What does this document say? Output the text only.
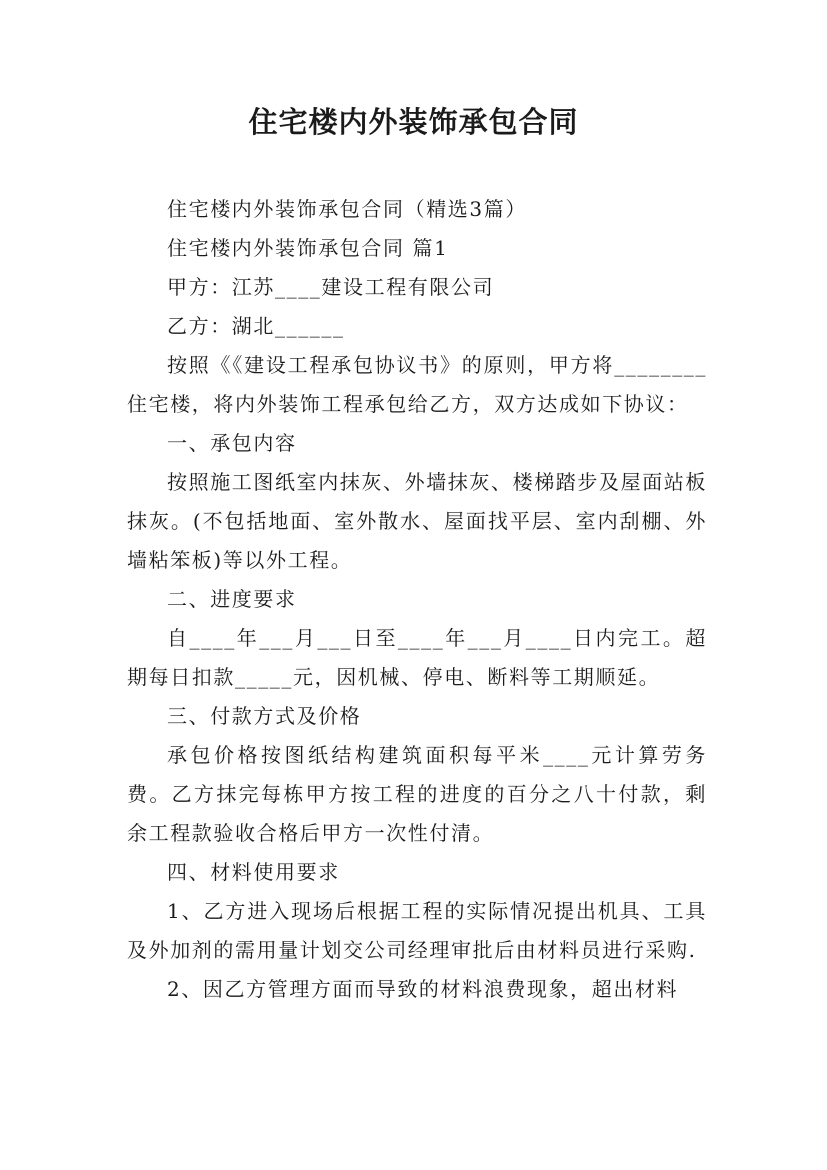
住宅楼内外装饰承包合同

住宅楼内外装饰承包合同（精选3篇）

住宅楼内外装饰承包合同 篇1

甲方：江苏____建设工程有限公司

乙方：湖北______

按照《《建设工程承包协议书》的原则，甲方将________住宅楼，将内外装饰工程承包给乙方，双方达成如下协议：

一、承包内容

按照施工图纸室内抹灰、外墙抹灰、楼梯踏步及屋面站板抹灰。(不包括地面、室外散水、屋面找平层、室内刮棚、外墙粘笨板)等以外工程。

二、进度要求

自____年___月___日至____年___月____日内完工。超期每日扣款_____元，因机械、停电、断料等工期顺延。

三、付款方式及价格

承包价格按图纸结构建筑面积每平米____元计算劳务费。乙方抹完每栋甲方按工程的进度的百分之八十付款，剩余工程款验收合格后甲方一次性付清。

四、材料使用要求

1、乙方进入现场后根据工程的实际情况提出机具、工具及外加剂的需用量计划交公司经理审批后由材料员进行采购.

2、因乙方管理方面而导致的材料浪费现象，超出材料
